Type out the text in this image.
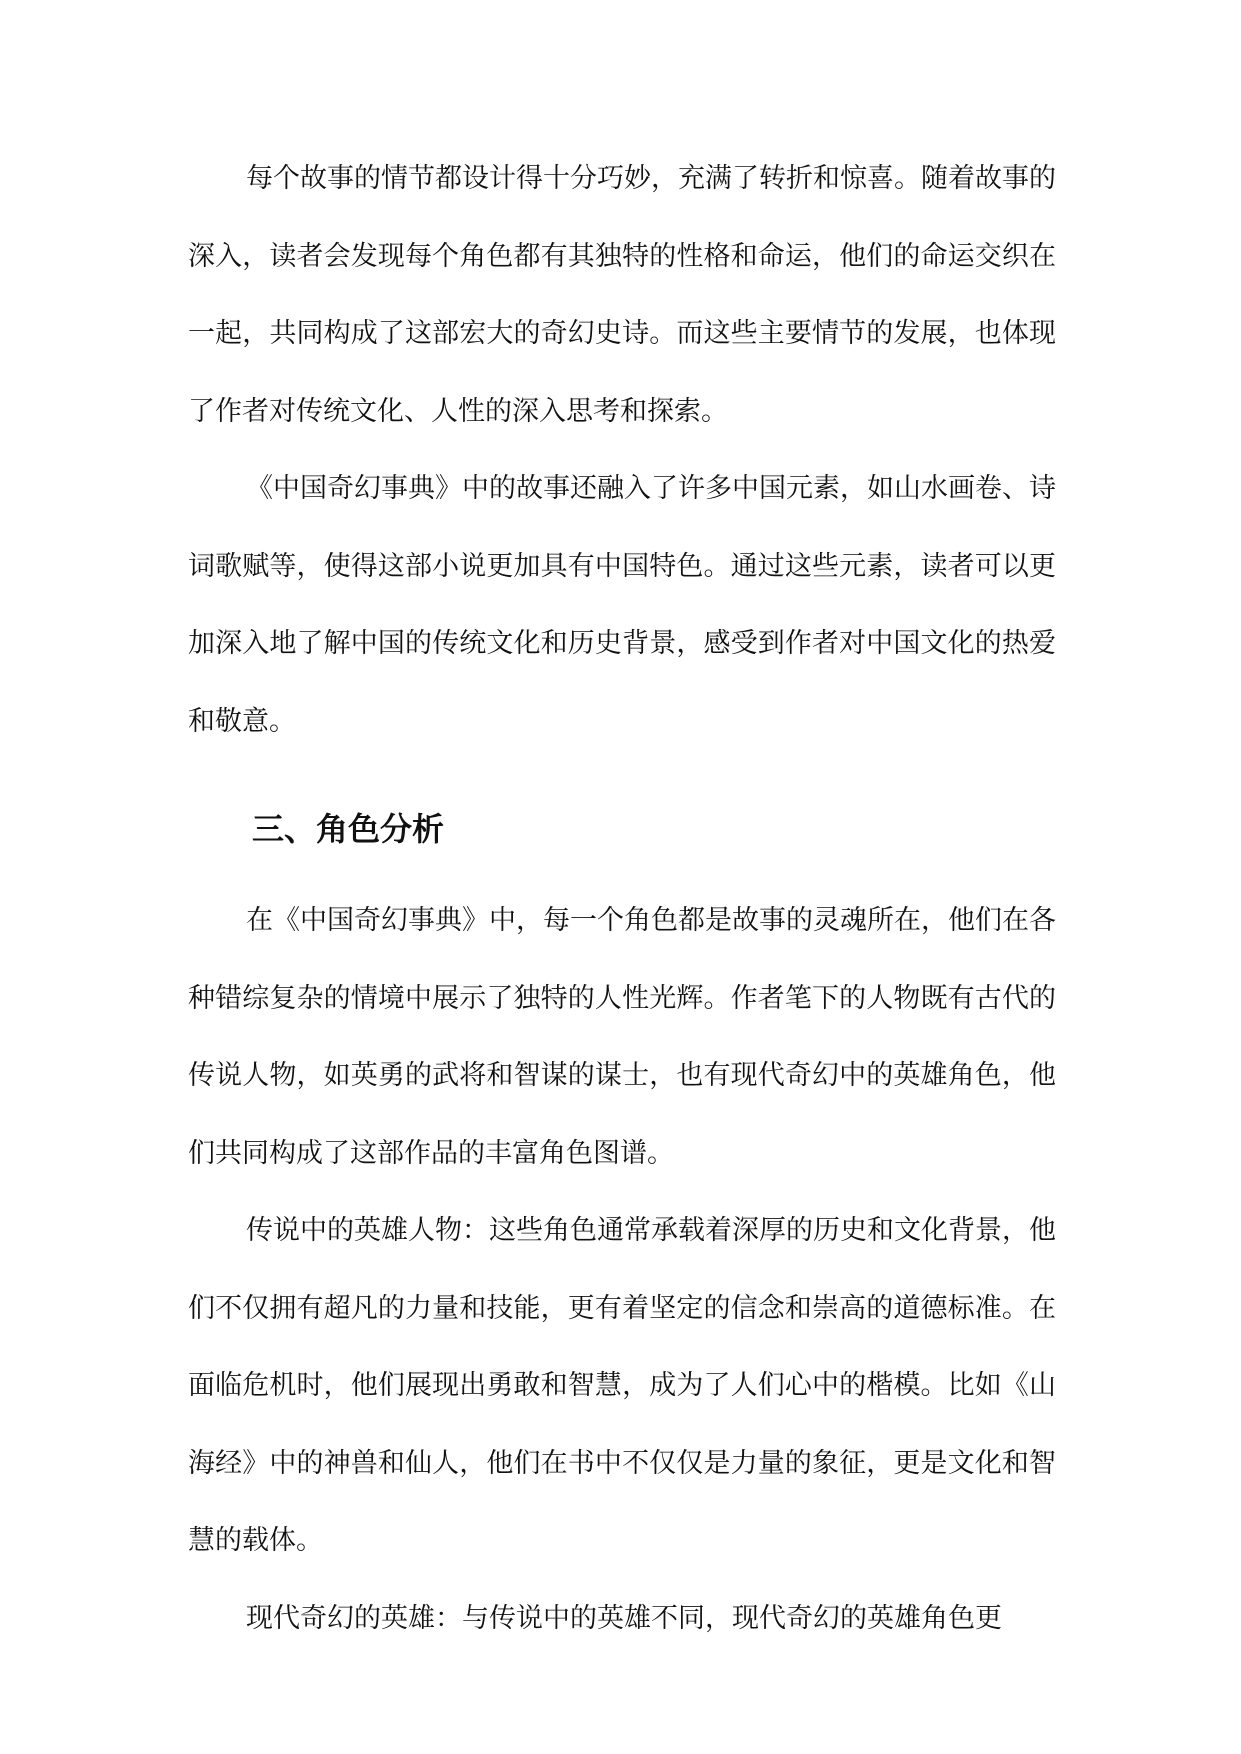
每个故事的情节都设计得十分巧妙，充满了转折和惊喜。随着故事的深入，读者会发现每个角色都有其独特的性格和命运，他们的命运交织在一起，共同构成了这部宏大的奇幻史诗。而这些主要情节的发展，也体现了作者对传统文化、人性的深入思考和探索。

《中国奇幻事典》中的故事还融入了许多中国元素，如山水画卷、诗词歌赋等，使得这部小说更加具有中国特色。通过这些元素，读者可以更加深入地了解中国的传统文化和历史背景，感受到作者对中国文化的热爱和敬意。

三、角色分析

在《中国奇幻事典》中，每一个角色都是故事的灵魂所在，他们在各种错综复杂的情境中展示了独特的人性光辉。作者笔下的人物既有古代的传说人物，如英勇的武将和智谋的谋士，也有现代奇幻中的英雄角色，他们共同构成了这部作品的丰富角色图谱。

传说中的英雄人物：这些角色通常承载着深厚的历史和文化背景，他们不仅拥有超凡的力量和技能，更有着坚定的信念和崇高的道德标准。在面临危机时，他们展现出勇敢和智慧，成为了人们心中的楷模。比如《山海经》中的神兽和仙人，他们在书中不仅仅是力量的象征，更是文化和智慧的载体。

现代奇幻的英雄：与传说中的英雄不同，现代奇幻的英雄角色更
